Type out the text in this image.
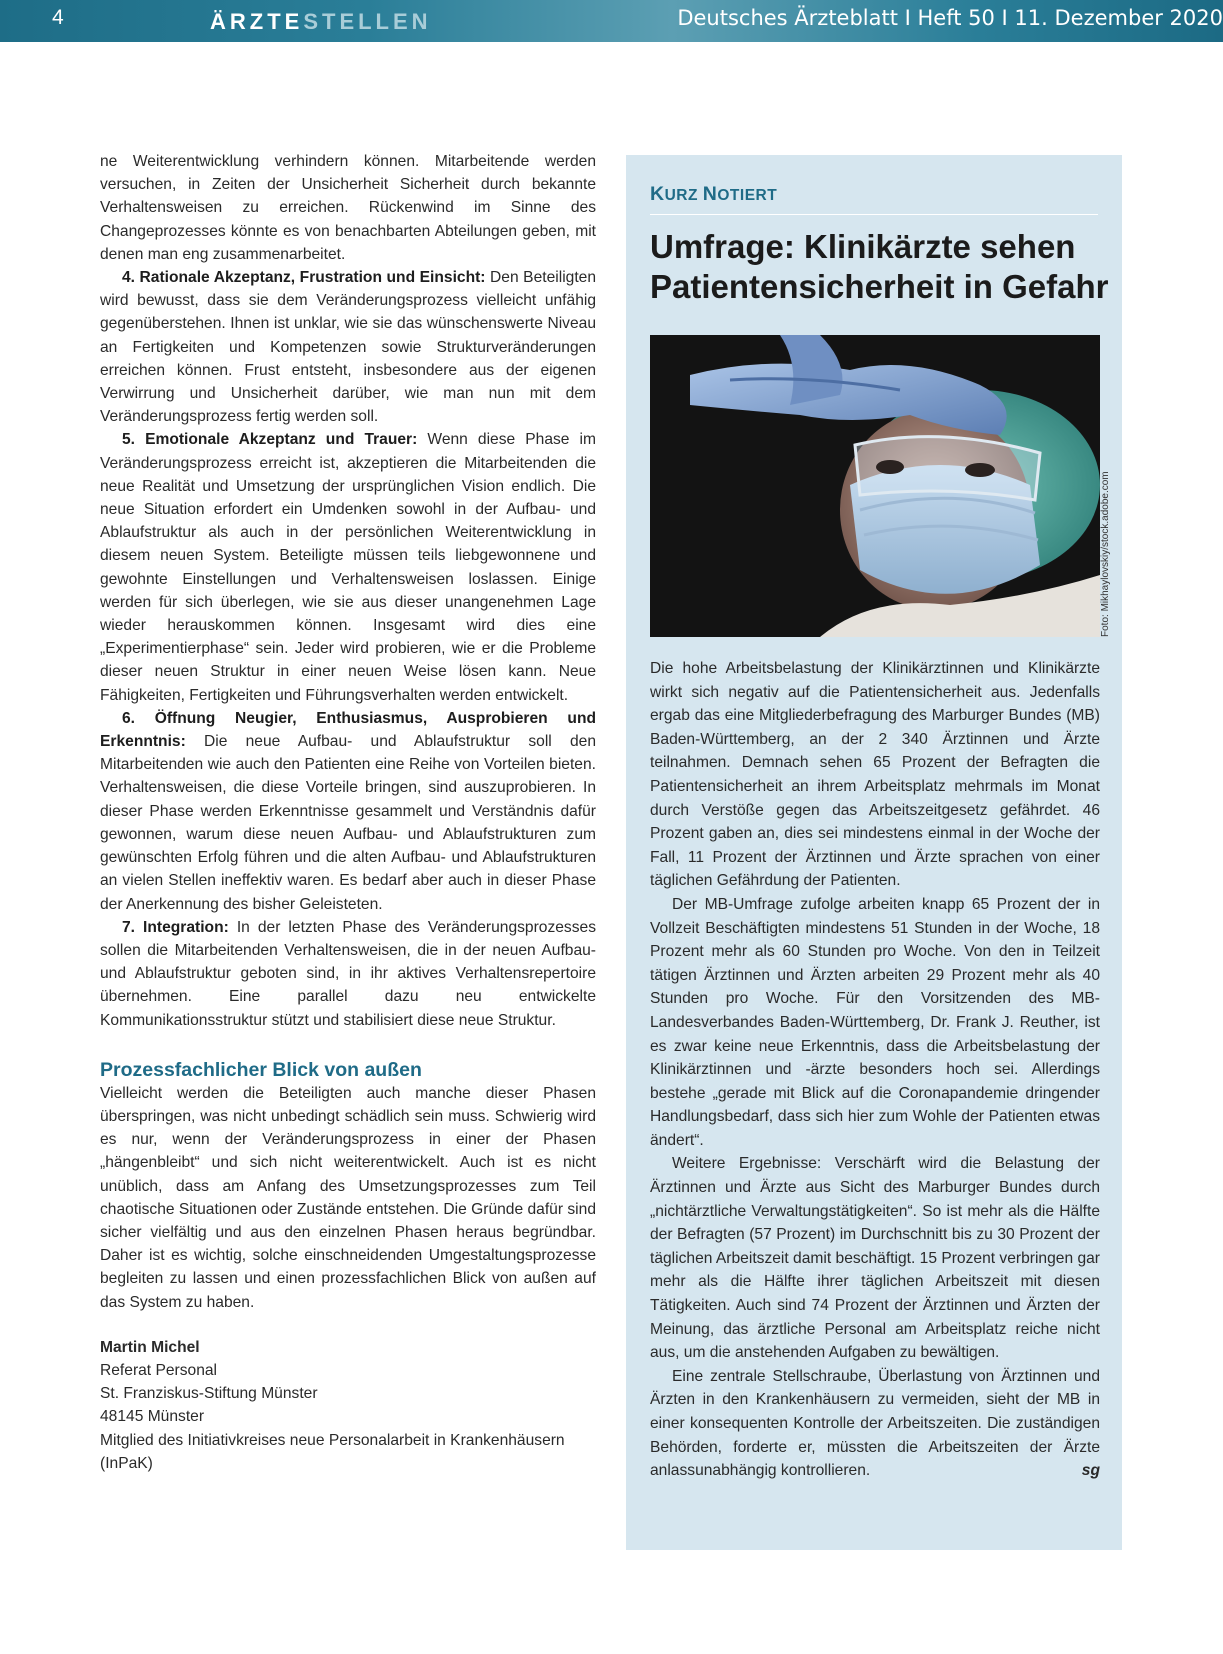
4	ÄRZTESTELLEN	Deutsches Ärzteblatt I Heft 50 I 11. Dezember 2020

ne Weiterentwicklung verhindern können. Mitarbeitende werden versuchen, in Zeiten der Unsicherheit Sicherheit durch bekannte Verhaltensweisen zu erreichen. Rückenwind im Sinne des Changeprozesses könnte es von benachbarten Abteilungen geben, mit denen man eng zusammenarbeitet.

4. Rationale Akzeptanz, Frustration und Einsicht: Den Beteiligten wird bewusst, dass sie dem Veränderungsprozess vielleicht unfähig gegenüberstehen. Ihnen ist unklar, wie sie das wünschenswerte Niveau an Fertigkeiten und Kompetenzen sowie Strukturveränderungen erreichen können. Frust entsteht, insbesondere aus der eigenen Verwirrung und Unsicherheit darüber, wie man nun mit dem Veränderungsprozess fertig werden soll.

5. Emotionale Akzeptanz und Trauer: Wenn diese Phase im Veränderungsprozess erreicht ist, akzeptieren die Mitarbeitenden die neue Realität und Umsetzung der ursprünglichen Vision endlich. Die neue Situation erfordert ein Umdenken sowohl in der Aufbau- und Ablaufstruktur als auch in der persönlichen Weiterentwicklung in diesem neuen System. Beteiligte müssen teils liebgewonnene und gewohnte Einstellungen und Verhaltensweisen loslassen. Einige werden für sich überlegen, wie sie aus dieser unangenehmen Lage wieder herauskommen können. Insgesamt wird dies eine „Experimentierphase“ sein. Jeder wird probieren, wie er die Probleme dieser neuen Struktur in einer neuen Weise lösen kann. Neue Fähigkeiten, Fertigkeiten und Führungsverhalten werden entwickelt.

6. Öffnung Neugier, Enthusiasmus, Ausprobieren und Erkenntnis: Die neue Aufbau- und Ablaufstruktur soll den Mitarbeitenden wie auch den Patienten eine Reihe von Vorteilen bieten. Verhaltensweisen, die diese Vorteile bringen, sind auszuprobieren. In dieser Phase werden Erkenntnisse gesammelt und Verständnis dafür gewonnen, warum diese neuen Aufbau- und Ablaufstrukturen zum gewünschten Erfolg führen und die alten Aufbau- und Ablaufstrukturen an vielen Stellen ineffektiv waren. Es bedarf aber auch in dieser Phase der Anerkennung des bisher Geleisteten.

7. Integration: In der letzten Phase des Veränderungsprozesses sollen die Mitarbeitenden Verhaltensweisen, die in der neuen Aufbau- und Ablaufstruktur geboten sind, in ihr aktives Verhaltensrepertoire übernehmen. Eine parallel dazu neu entwickelte Kommunikationsstruktur stützt und stabilisiert diese neue Struktur.

Prozessfachlicher Blick von außen

Vielleicht werden die Beteiligten auch manche dieser Phasen überspringen, was nicht unbedingt schädlich sein muss. Schwierig wird es nur, wenn der Veränderungsprozess in einer der Phasen „hängenbleibt“ und sich nicht weiterentwickelt. Auch ist es nicht unüblich, dass am Anfang des Umsetzungsprozesses zum Teil chaotische Situationen oder Zustände entstehen. Die Gründe dafür sind sicher vielfältig und aus den einzelnen Phasen heraus begründbar. Daher ist es wichtig, solche einschneidenden Umgestaltungsprozesse begleiten zu lassen und einen prozessfachlichen Blick von außen auf das System zu haben.

Martin Michel
Referat Personal
St. Franziskus-Stiftung Münster
48145 Münster
Mitglied des Initiativkreises neue Personalarbeit in Krankenhäusern (InPaK)
KURZ NOTIERT
Umfrage: Klinikärzte sehen Patientensicherheit in Gefahr
Foto: Mikhaylovskiy/stock.adobe.com

Die hohe Arbeitsbelastung der Klinikärztinnen und Klinikärzte wirkt sich negativ auf die Patientensicherheit aus. Jedenfalls ergab das eine Mitgliederbefragung des Marburger Bundes (MB) Baden-Württemberg, an der 2 340 Ärztinnen und Ärzte teilnahmen. Demnach sehen 65 Prozent der Befragten die Patientensicherheit an ihrem Arbeitsplatz mehrmals im Monat durch Verstöße gegen das Arbeitszeitgesetz gefährdet. 46 Prozent gaben an, dies sei mindestens einmal in der Woche der Fall, 11 Prozent der Ärztinnen und Ärzte sprachen von einer täglichen Gefährdung der Patienten.

Der MB-Umfrage zufolge arbeiten knapp 65 Prozent der in Vollzeit Beschäftigten mindestens 51 Stunden in der Woche, 18 Prozent mehr als 60 Stunden pro Woche. Von den in Teilzeit tätigen Ärztinnen und Ärzten arbeiten 29 Prozent mehr als 40 Stunden pro Woche. Für den Vorsitzenden des MB-Landesverbandes Baden-Württemberg, Dr. Frank J. Reuther, ist es zwar keine neue Erkenntnis, dass die Arbeitsbelastung der Klinikärztinnen und -ärzte besonders hoch sei. Allerdings bestehe „gerade mit Blick auf die Coronapandemie dringender Handlungsbedarf, dass sich hier zum Wohle der Patienten etwas ändert“.

Weitere Ergebnisse: Verschärft wird die Belastung der Ärztinnen und Ärzte aus Sicht des Marburger Bundes durch „nichtärztliche Verwaltungstätigkeiten“. So ist mehr als die Hälfte der Befragten (57 Prozent) im Durchschnitt bis zu 30 Prozent der täglichen Arbeitszeit damit beschäftigt. 15 Prozent verbringen gar mehr als die Hälfte ihrer täglichen Arbeitszeit mit diesen Tätigkeiten. Auch sind 74 Prozent der Ärztinnen und Ärzten der Meinung, das ärztliche Personal am Arbeitsplatz reiche nicht aus, um die anstehenden Aufgaben zu bewältigen.

Eine zentrale Stellschraube, Überlastung von Ärztinnen und Ärzten in den Krankenhäusern zu vermeiden, sieht der MB in einer konsequenten Kontrolle der Arbeitszeiten. Die zuständigen Behörden, forderte er, müssten die Arbeitszeiten der Ärzte anlassunabhängig kontrollieren.	sg
